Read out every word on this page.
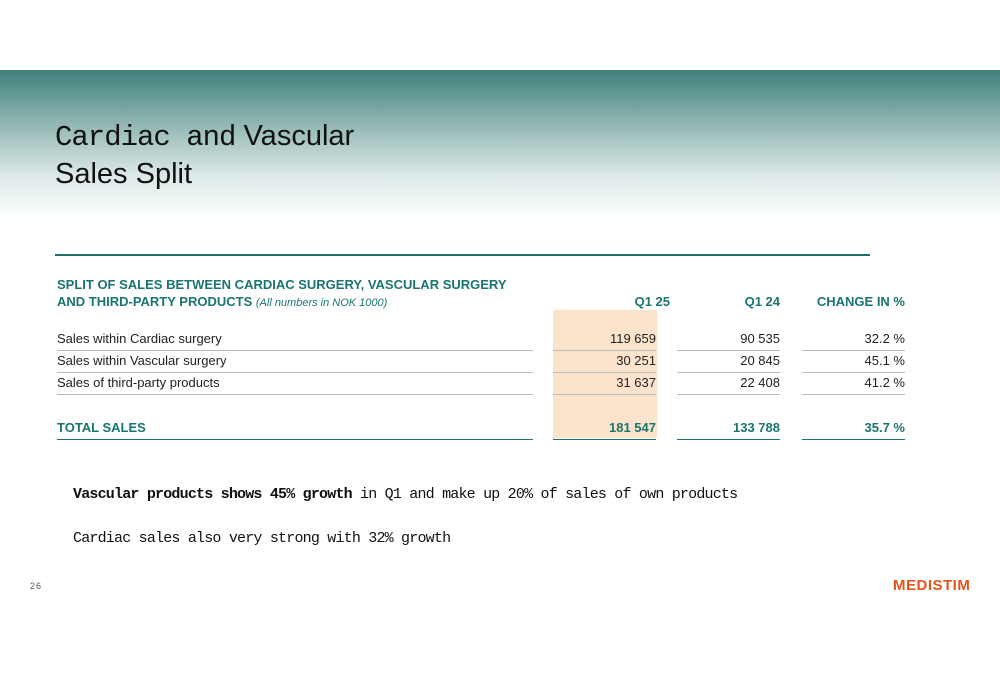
Cardiac and Vascular
Sales Split
SPLIT OF SALES BETWEEN CARDIAC SURGERY, VASCULAR SURGERY
AND THIRD-PARTY PRODUCTS (All numbers in NOK 1000)	Q1 25	Q1 24	CHANGE IN %
Sales within Cardiac surgery	119 659	90 535	32.2 %
Sales within Vascular surgery	30 251	20 845	45.1 %
Sales of third-party products	31 637	22 408	41.2 %
TOTAL SALES	181 547	133 788	35.7 %
Vascular products shows 45% growth in Q1 and make up 20% of sales of own products
Cardiac sales also very strong with 32% growth
26	MEDISTIM
